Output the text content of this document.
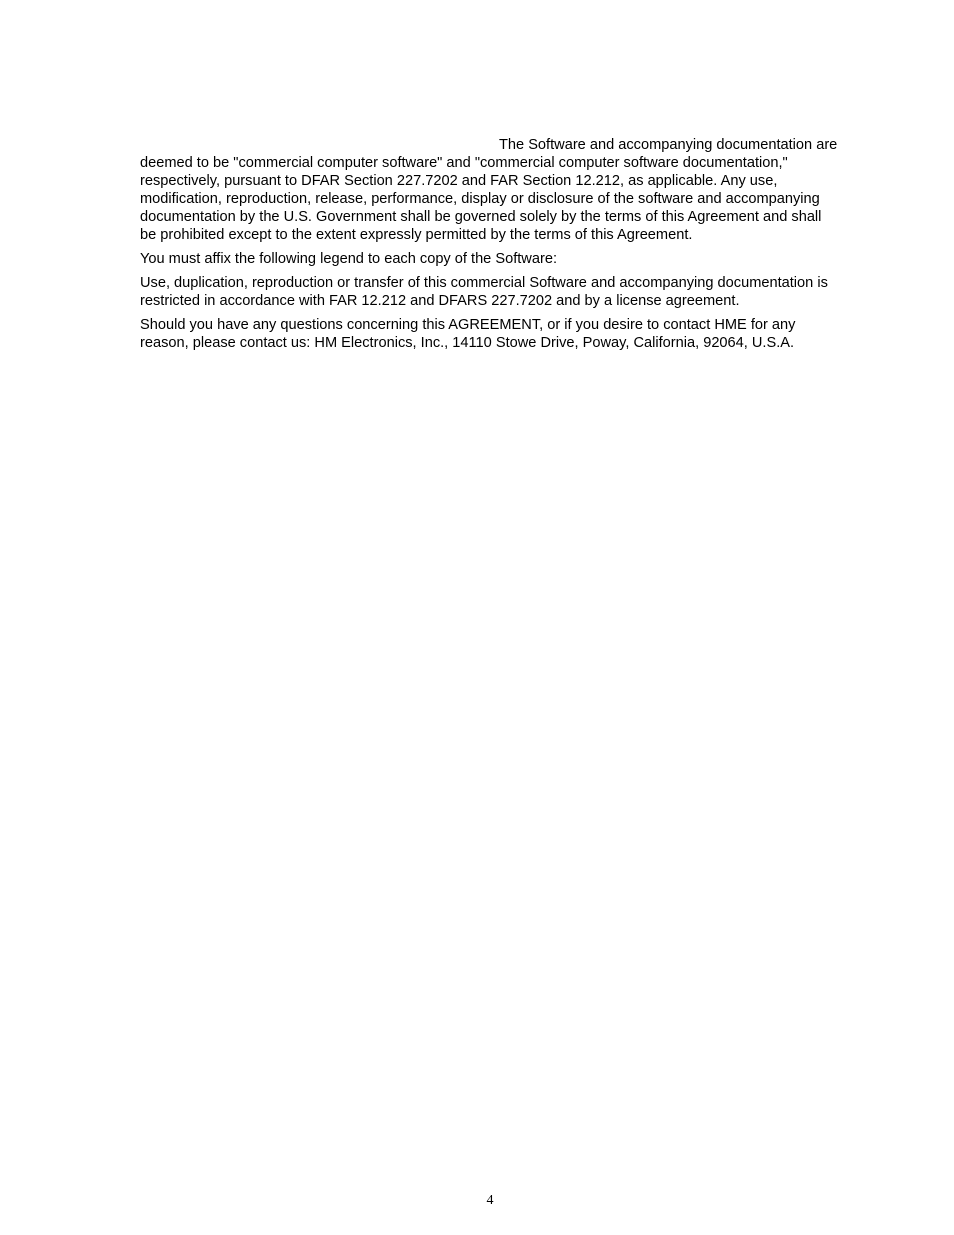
The Software and accompanying documentation are deemed to be "commercial computer software" and "commercial computer software documentation," respectively, pursuant to DFAR Section 227.7202 and FAR Section 12.212, as applicable. Any use, modification, reproduction, release, performance, display or disclosure of the software and accompanying documentation by the U.S. Government shall be governed solely by the terms of this Agreement and shall be prohibited except to the extent expressly permitted by the terms of this Agreement.

You must affix the following legend to each copy of the Software:

Use, duplication, reproduction or transfer of this commercial Software and accompanying documentation is restricted in accordance with FAR 12.212 and DFARS 227.7202 and by a license agreement.

Should you have any questions concerning this AGREEMENT, or if you desire to contact HME for any reason, please contact us: HM Electronics, Inc., 14110 Stowe Drive, Poway, California, 92064, U.S.A.

4
